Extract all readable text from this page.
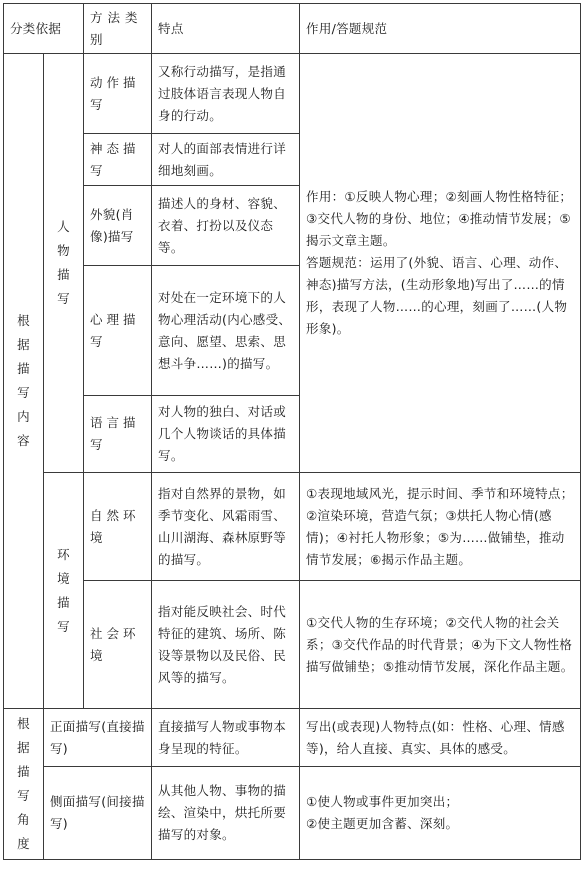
分类依据		方法类别	特点	作用/答题规范
根据描写内容	人物描写	动作描写	又称行动描写，是指通过肢体语言表现人物自身的行动。	作用：①反映人物心理；②刻画人物性格特征；③交代人物的身份、地位；④推动情节发展；⑤揭示文章主题。
答题规范：运用了(外貌、语言、心理、动作、神态)描写方法，(生动形象地)写出了……的情形，表现了人物……的心理，刻画了……(人物形象)。

		神态描写	对人的面部表情进行详细地刻画。	
		外貌(肖像)描写	描述人的身材、容貌、衣着、打扮以及仪态等。	
		心理描写	对处在一定环境下的人物心理活动(内心感受、意向、愿望、思索、思想斗争……)的描写。	
		语言描写	对人物的独白、对话或几个人物谈话的具体描写。	
	环境描写	自然环境	指对自然界的景物，如季节变化、风霜雨雪、山川湖海、森林原野等的描写。	①表现地域风光，提示时间、季节和环境特点；②渲染环境，营造气氛；③烘托人物心情(感情)；④衬托人物形象；⑤为……做铺垫，推动情节发展；⑥揭示作品主题。
		社会环境	指对能反映社会、时代特征的建筑、场所、陈设等景物以及民俗、民风等的描写。	①交代人物的生存环境；②交代人物的社会关系；③交代作品的时代背景；④为下文人物性格描写做铺垫；⑤推动情节发展，深化作品主题。
根据描写角度	正面描写(直接描写)		直接描写人物或事物本身呈现的特征。	写出(或表现)人物特点(如：性格、心理、情感等)，给人直接、真实、具体的感受。
	侧面描写(间接描写)		从其他人物、事物的描绘、渲染中，烘托所要描写的对象。	①使人物或事件更加突出；
②使主题更加含蓄、深刻。
